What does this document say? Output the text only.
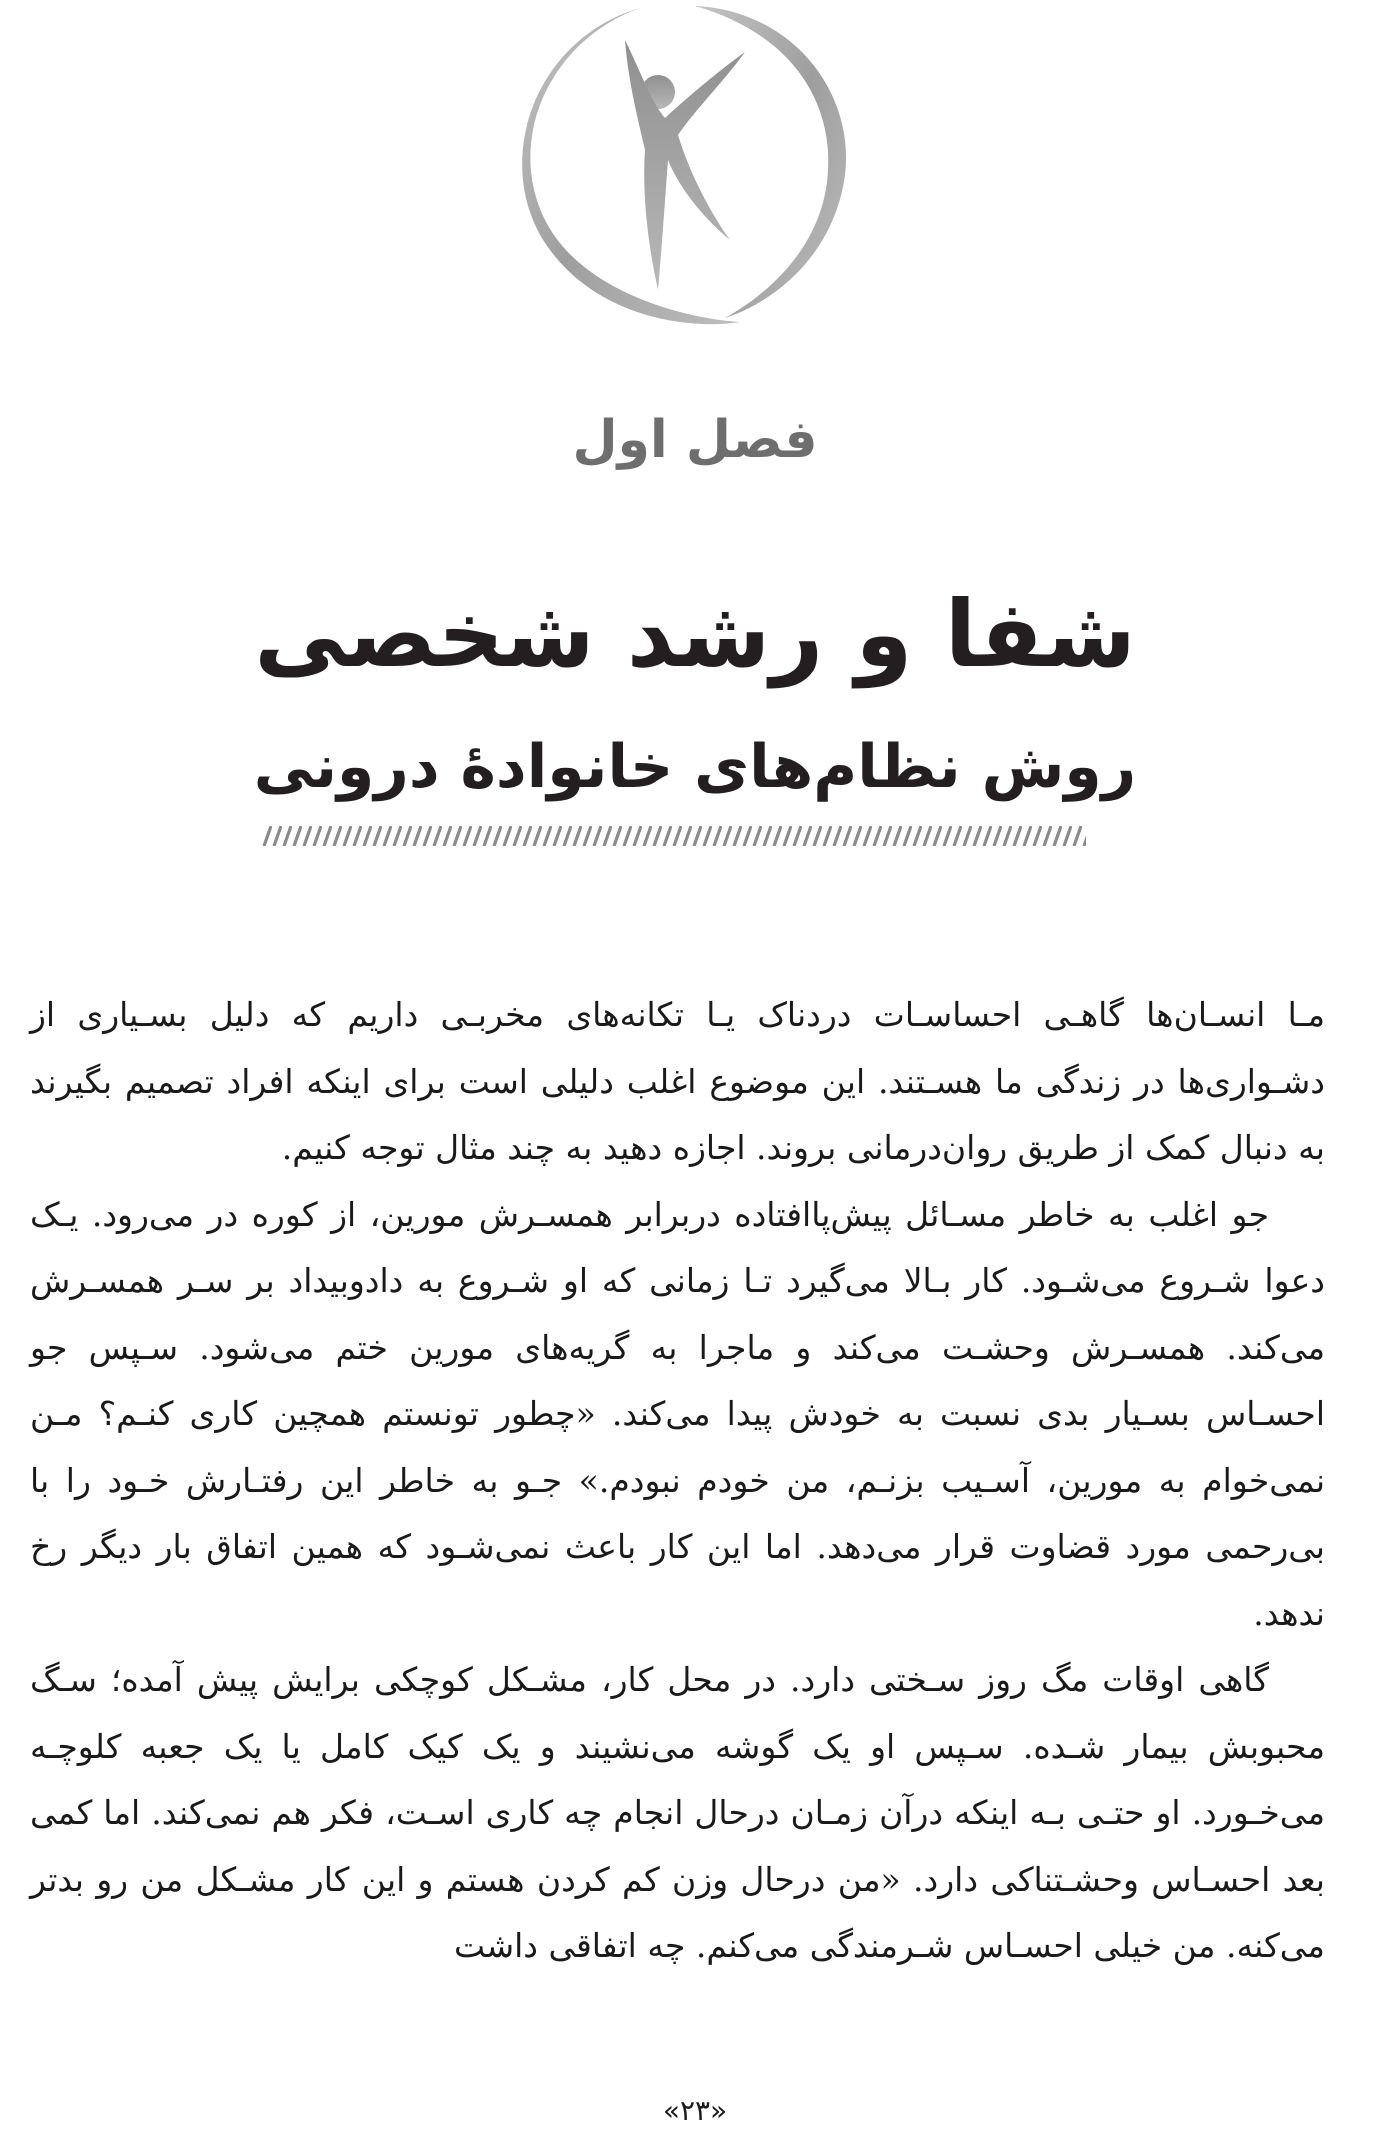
فصل اول
شفا و رشد شخصی
روش نظام‌های خانوادۀ درونی

مـا انسـان‌ها گاهـی احساسـات دردناک یـا تکانه‌های مخربـی داریم که دلیل بسـیاری از دشـواری‌ها در زندگی ما هسـتند. این موضوع اغلب دلیلی است برای اینکه افراد تصمیم بگیرند به دنبال کمک از طریق روان‌درمانی بروند. اجازه دهید به چند مثال توجه کنیم.

جو اغلب به خاطر مسـائل پیش‌پاافتاده دربرابر همسـرش مورین، از کوره در می‌رود. یـک دعوا شـروع می‌شـود. کار بـالا می‌گیرد تـا زمانی که او شـروع به دادوبیداد بر سـر همسـرش می‌کند. همسـرش وحشـت می‌کند و ماجرا به گریه‌های مورین ختم می‌شود. سـپس جو احسـاس بسـیار بدی نسبت به خودش پیدا می‌کند. «چطور تونستم همچین کاری کنـم؟ مـن نمی‌خوام به مورین، آسـیب بزنـم، من خودم نبودم.» جـو به خاطر این رفتـارش خـود را با بی‌رحمی مورد قضاوت قرار می‌دهد. اما این کار باعث نمی‌شـود که همین اتفاق بار دیگر رخ ندهد.

گاهی اوقات مگ روز سـختی دارد. در محل کار، مشـکل کوچکی برایش پیش آمده؛ سـگ محبوبش بیمار شـده. سـپس او یک گوشه می‌نشیند و یک کیک کامل یا یک جعبه کلوچـه می‌خـورد. او حتـی بـه اینکه درآن زمـان درحال انجام چه کاری اسـت، فکر هم نمی‌کند. اما کمی بعد احسـاس وحشـتناکی دارد. «من درحال وزن کم کردن هستم و این کار مشـکل من رو بدتر می‌کنه. من خیلی احسـاس شـرمندگی می‌کنم. چه اتفاقی داشت

«۲۳»
